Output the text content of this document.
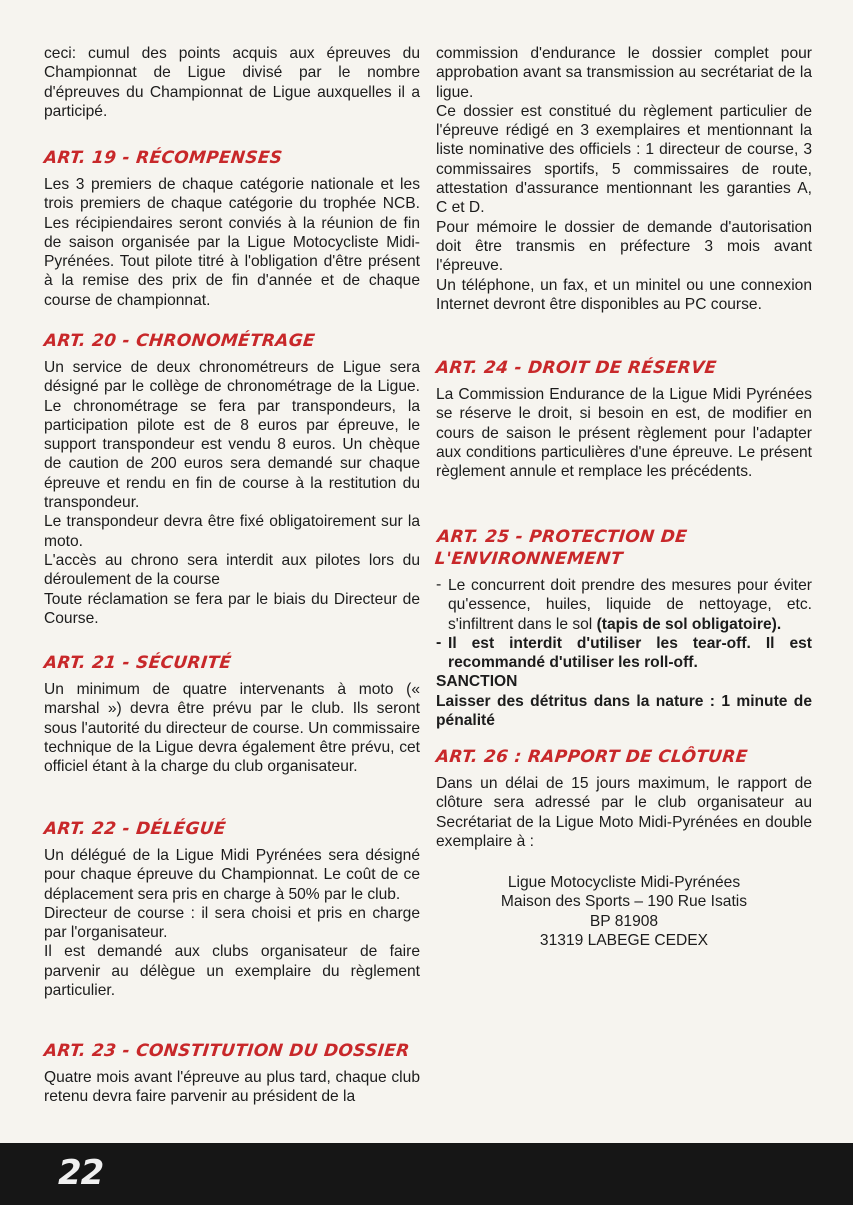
ceci: cumul des points acquis aux épreuves du Championnat de Ligue divisé par le nombre d'épreuves du Championnat de Ligue auxquelles il a participé.

ART. 19 - RÉCOMPENSES

Les 3 premiers de chaque catégorie nationale et les trois premiers de chaque catégorie du trophée NCB. Les récipiendaires seront conviés à la réunion de fin de saison organisée par la Ligue Motocycliste Midi-Pyrénées. Tout pilote titré à l'obligation d'être présent à la remise des prix de fin d'année et de chaque course de championnat.

ART. 20 - CHRONOMÉTRAGE

Un service de deux chronométreurs de Ligue sera désigné par le collège de chronométrage de la Ligue. Le chronométrage se fera par transpondeurs, la participation pilote est de 8 euros par épreuve, le support transpondeur est vendu 8 euros. Un chèque de caution de 200 euros sera demandé sur chaque épreuve et rendu en fin de course à la restitution du transpondeur.

Le transpondeur devra être fixé obligatoirement sur la moto.

L'accès au chrono sera interdit aux pilotes lors du déroulement de la course

Toute réclamation se fera par le biais du Directeur de Course.

ART. 21 - SÉCURITÉ

Un minimum de quatre intervenants à moto (« marshal ») devra être prévu par le club. Ils seront sous l'autorité du directeur de course. Un commissaire technique de la Ligue devra également être prévu, cet officiel étant à la charge du club organisateur.

ART. 22 - DÉLÉGUÉ

Un délégué de la Ligue Midi Pyrénées sera désigné pour chaque épreuve du Championnat. Le coût de ce déplacement sera pris en charge à 50% par le club.

Directeur de course : il sera choisi et pris en charge par l'organisateur.

Il est demandé aux clubs organisateur de faire parvenir au délègue un exemplaire du règlement particulier.

ART. 23 - CONSTITUTION DU DOSSIER

Quatre mois avant l'épreuve au plus tard, chaque club retenu devra faire parvenir au président de la

commission d'endurance le dossier complet pour approbation avant sa transmission au secrétariat de la ligue.

Ce dossier est constitué du règlement particulier de l'épreuve rédigé en 3 exemplaires et mentionnant la liste nominative des officiels : 1 directeur de course, 3 commissaires sportifs, 5 commissaires de route, attestation d'assurance mentionnant les garanties A, C et D.

Pour mémoire le dossier de demande d'autorisation doit être transmis en préfecture 3 mois avant l'épreuve.

Un téléphone, un fax, et un minitel ou une connexion Internet devront être disponibles au PC course.

ART. 24 - DROIT DE RÉSERVE

La Commission Endurance de la Ligue Midi Pyrénées se réserve le droit, si besoin en est, de modifier en cours de saison le présent règlement pour l'adapter aux conditions particulières d'une épreuve. Le présent règlement annule et remplace les précédents.

ART. 25 - PROTECTION DE L'ENVIRONNEMENT
- Le concurrent doit prendre des mesures pour éviter qu'essence, huiles, liquide de nettoyage, etc. s'infiltrent dans le sol (tapis de sol obligatoire).

- Il est interdit d'utiliser les tear-off. Il est recommandé d'utiliser les roll-off.

SANCTION

Laisser des détritus dans la nature : 1 minute de pénalité

ART. 26 : RAPPORT DE CLÔTURE

Dans un délai de 15 jours maximum, le rapport de clôture sera adressé par le club organisateur au Secrétariat de la Ligue Moto Midi-Pyrénées en double exemplaire à :

Ligue Motocycliste Midi-Pyrénées

Maison des Sports – 190 Rue Isatis

BP 81908

31319 LABEGE CEDEX

22
